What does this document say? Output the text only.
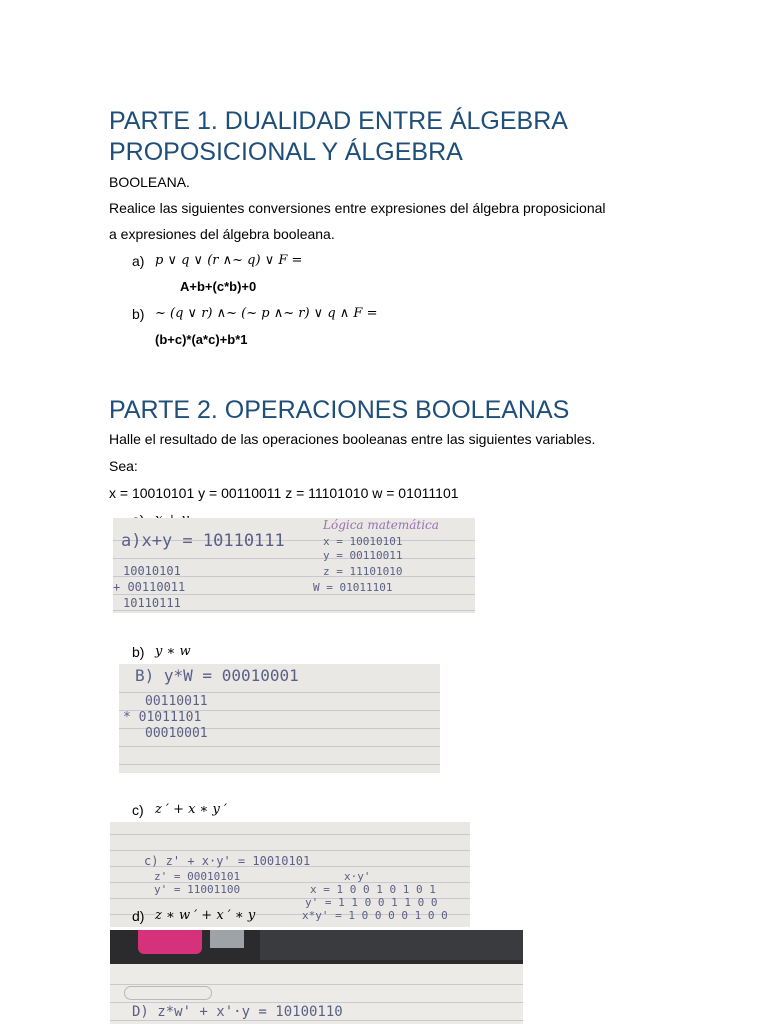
PARTE 1. DUALIDAD ENTRE ÁLGEBRA
PROPOSICIONAL Y ÁLGEBRA
BOOLEANA.
Realice las siguientes conversiones entre expresiones del álgebra proposicional
a expresiones del álgebra booleana.
a) p ∨ q ∨ (r ∧~ q) ∨ F =
A+b+(c*b)+0
b) ~ (q ∨ r) ∧~ (~ p ∧~ r) ∨ q ∧ F =
(b+c)*(a*c)+b*1
PARTE 2. OPERACIONES BOOLEANAS
Halle el resultado de las operaciones booleanas entre las siguientes variables.
Sea:
x = 10010101 y = 00110011 z = 11101010 w = 01011101
a)x+y = 10110111
Lógica matemática
10010101
+ 00110011
10110111
x = 10010101
y = 00110011
z = 11101010
W = 01011101
b) y ∗ w
B) y*W = 00010001
00110011
* 01011101
00010001
c) z ′ + x ∗ y ′
c) z' + x·y' = 10010101
z' = 00010101
y' = 11001100
x·y'
x = 1 0 0 1 0 1 0 1
y' = 1 1 0 0 1 1 0 0
x*y' = 1 0 0 0 0 1 0 0
d) z ∗ w ′ + x ′ ∗ y
D) z*w' + x'·y = 10100110
